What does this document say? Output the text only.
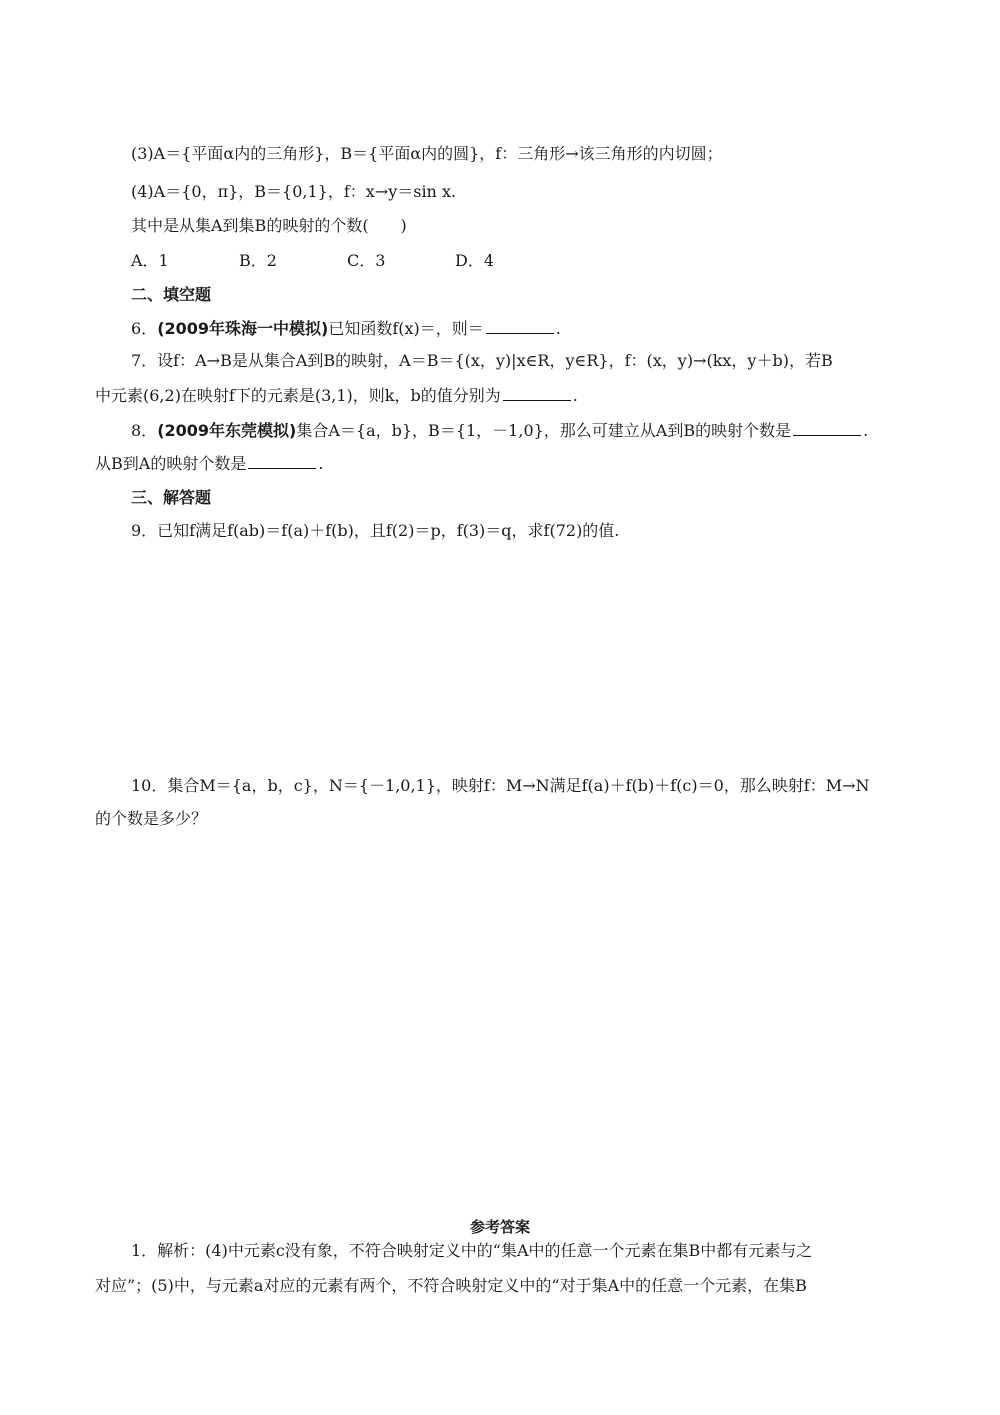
(3)A＝{平面α内的三角形}，B＝{平面α内的圆}，f：三角形→该三角形的内切圆；
(4)A＝{0，π}，B＝{0,1}，f：x→y＝sin x.
其中是从集A到集B的映射的个数(　　)
A．1	B．2	C．3	D．4
二、填空题
6．(2009年珠海一中模拟)已知函数f(x)＝，则＝	.
7．设f：A→B是从集合A到B的映射，A＝B＝{(x，y)|x∈R，y∈R}，f：(x，y)→(kx，y＋b)，若B
中元素(6,2)在映射f下的元素是(3,1)，则k，b的值分别为	.
8．(2009年东莞模拟)集合A＝{a，b}，B＝{1，－1,0}，那么可建立从A到B的映射个数是	.
从B到A的映射个数是	.
三、解答题
9．已知f满足f(ab)＝f(a)＋f(b)，且f(2)＝p，f(3)＝q，求f(72)的值.
10．集合M＝{a，b，c}，N＝{－1,0,1}，映射f：M→N满足f(a)＋f(b)＋f(c)＝0，那么映射f：M→N
的个数是多少？
参考答案
1．解析：(4)中元素c没有象，不符合映射定义中的“集A中的任意一个元素在集B中都有元素与之
对应”；(5)中，与元素a对应的元素有两个，不符合映射定义中的“对于集A中的任意一个元素，在集B
